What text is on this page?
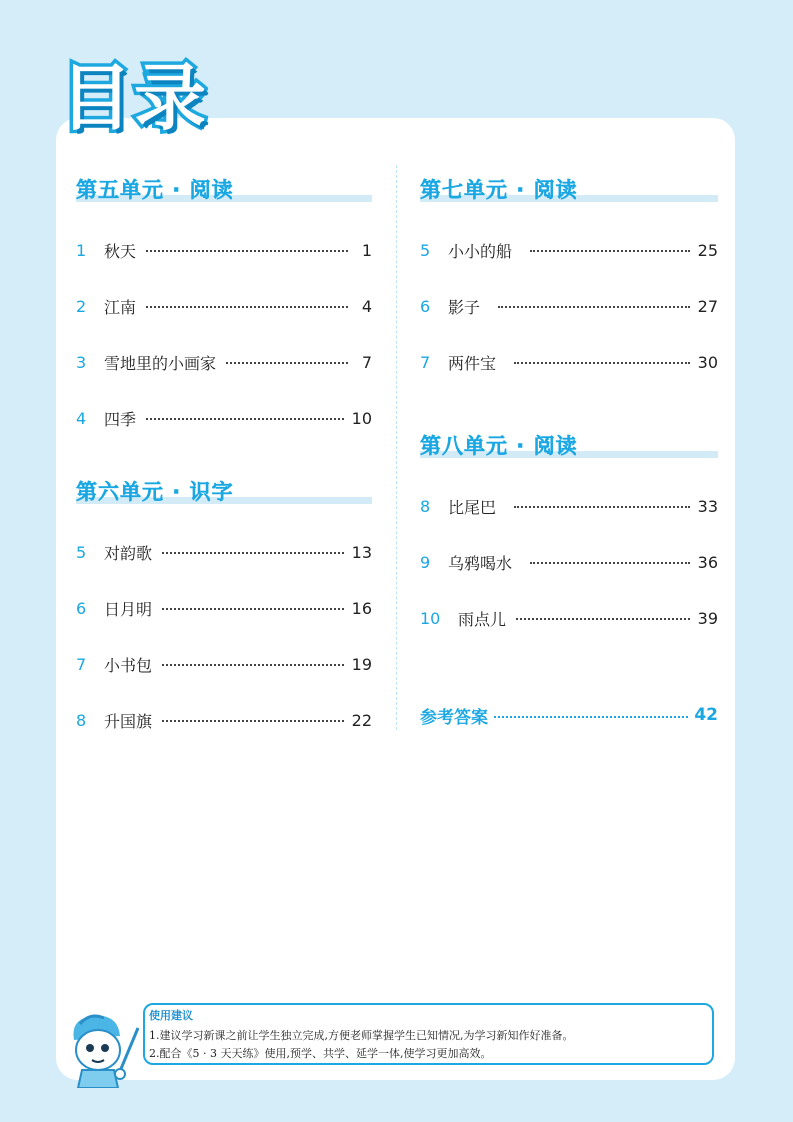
目录
第五单元 · 阅读
1	秋天	1
2	江南	4
3	雪地里的小画家	7
4	四季	10
第六单元 · 识字
5	对韵歌	13
6	日月明	16
7	小书包	19
8	升国旗	22
第七单元 · 阅读
5	小小的船	25
6	影子	27
7	两件宝	30
第八单元 · 阅读
8	比尾巴	33
9	乌鸦喝水	36
10	雨点儿	39
参考答案	42
使用建议
1.建议学习新课之前让学生独立完成,方便老师掌握学生已知情况,为学习新知作好准备。
2.配合《5 · 3 天天练》使用,预学、共学、延学一体,使学习更加高效。
